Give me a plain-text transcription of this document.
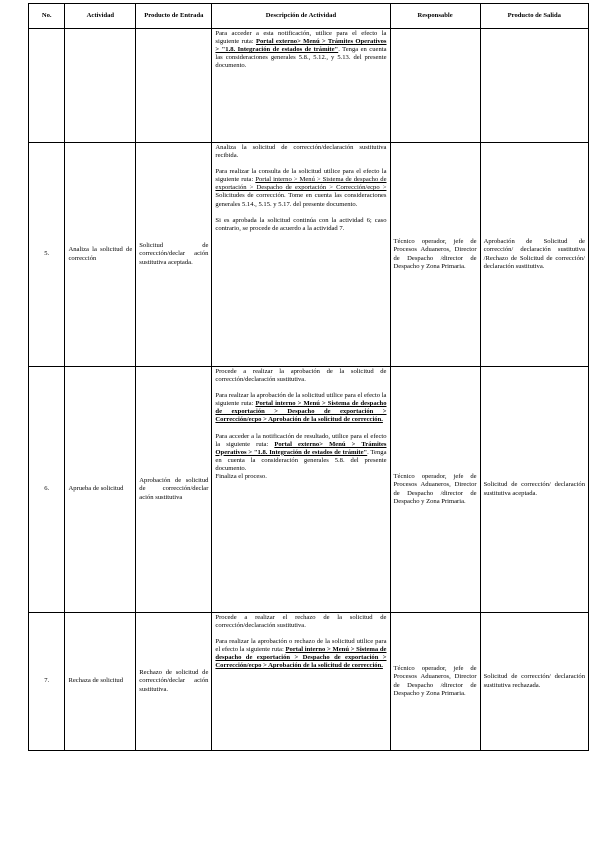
No.	Actividad	Producto de Entrada	Descripción de Actividad	Responsable	Producto de Salida
			Para acceder a esta notificación, utilice para el efecto la siguiente ruta: Portal externo> Menú > Trámites Operativos > "1.8. Integración de estados de trámite". Tenga en cuenta las consideraciones generales 5.8., 5.12., y 5.13. del presente documento.		
5.	Analiza la solicitud de corrección	Solicitud de corrección/declar ación sustitutiva aceptada.	Analiza la solicitud de corrección/declaración sustitutiva recibida.
Para realizar la consulta de la solicitud utilice para el efecto la siguiente ruta: Portal interno > Menú > Sistema de despacho de exportación > Despacho de exportación > Corrección/ecpo > Solicitudes de corrección. Tome en cuenta las consideraciones generales 5.14., 5.15. y 5.17. del presente documento.
Si es aprobada la solicitud continúa con la actividad 6; caso contrario, se procede de acuerdo a la actividad 7.	Técnico operador, jefe de Procesos Aduaneros, Director de Despacho /director de Despacho y Zona Primaria.	Aprobación de Solicitud de corrección/ declaración sustitutiva /Rechazo de Solicitud de corrección/ declaración sustitutiva.
6.	Aprueba de solicitud	Aprobación de solicitud de corrección/declar ación sustitutiva	Procede a realizar la aprobación de la solicitud de corrección/declaración sustitutiva.
Para realizar la aprobación de la solicitud utilice para el efecto la siguiente ruta: Portal interno > Menú > Sistema de despacho de exportación > Despacho de exportación > Corrección/ecpo > Aprobación de la solicitud de corrección.
Para acceder a la notificación de resultado, utilice para el efecto la siguiente ruta: Portal externo> Menú > Trámites Operativos > "1.8. Integración de estados de trámite". Tenga en cuenta la consideración generales 5.8. del presente documento.
Finaliza el proceso.	Técnico operador, jefe de Procesos Aduaneros, Director de Despacho /director de Despacho y Zona Primaria.	Solicitud de corrección/ declaración sustitutiva aceptada.
7.	Rechaza de solicitud	Rechazo de solicitud de corrección/declar ación sustitutiva.	Procede a realizar el rechazo de la solicitud de corrección/declaración sustitutiva.
Para realizar la aprobación o rechazo de la solicitud utilice para el efecto la siguiente ruta: Portal interno > Menú > Sistema de despacho de exportación > Despacho de exportación > Corrección/ecpo > Aprobación de la solicitud de corrección.	Técnico operador, jefe de Procesos Aduaneros, Director de Despacho /director de Despacho y Zona Primaria.	Solicitud de corrección/ declaración sustitutiva rechazada.
